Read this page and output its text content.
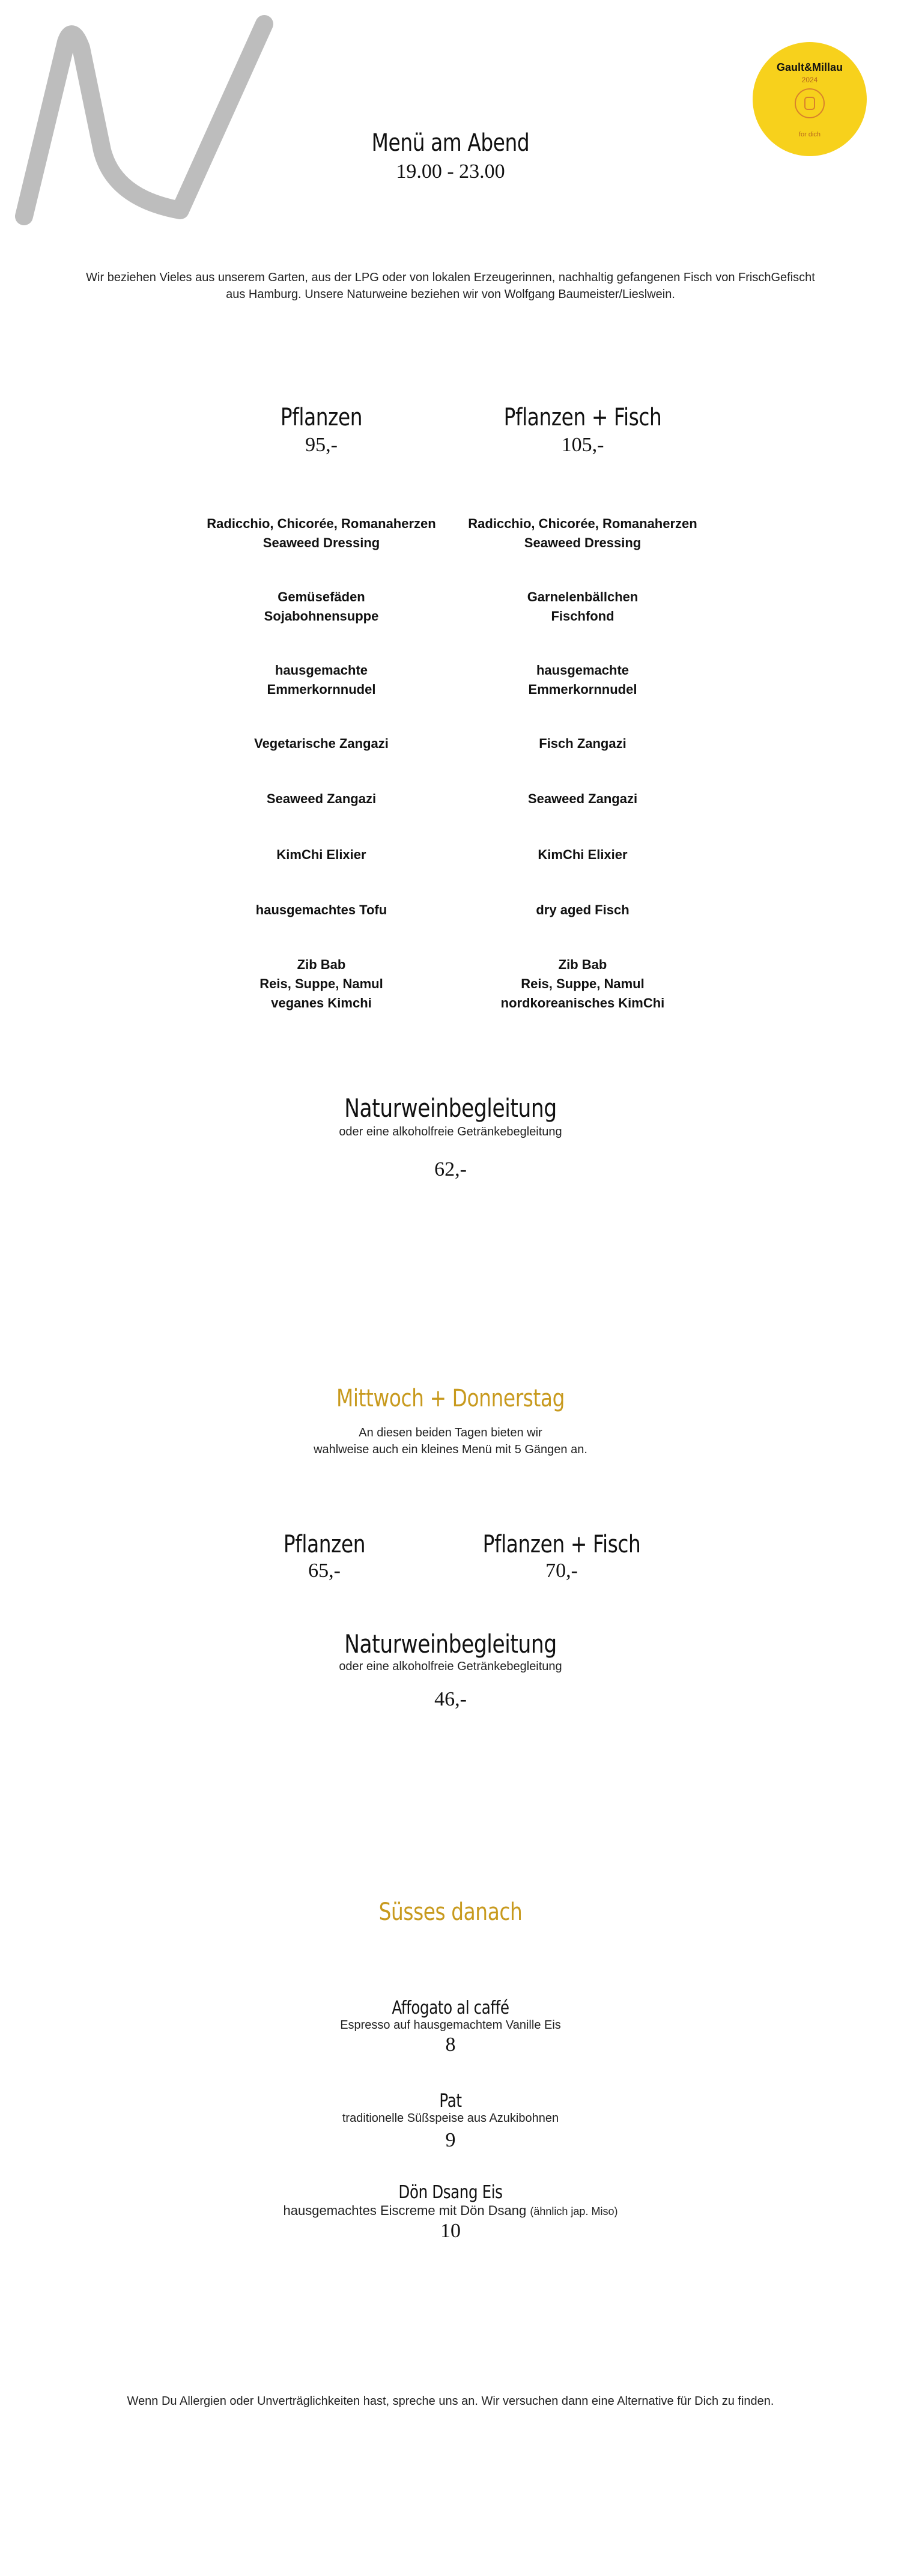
Gault&Millau
2024
for dich
Menü am Abend
19.00 - 23.00
Wir beziehen Vieles aus unserem Garten, aus der LPG oder von lokalen Erzeugerinnen, nachhaltig gefangenen Fisch von FrischGefischt
aus Hamburg. Unsere Naturweine beziehen wir von Wolfgang Baumeister/Lieslwein.
Pflanzen
95,-
Pflanzen + Fisch
105,-
Radicchio, Chicorée, Romanaherzen
Seaweed Dressing
Gemüsefäden
Sojabohnensuppe
hausgemachte
Emmerkornnudel
Vegetarische Zangazi
Seaweed Zangazi
KimChi Elixier
hausgemachtes Tofu
Zib Bab
Reis, Suppe, Namul
veganes Kimchi
Radicchio, Chicorée, Romanaherzen
Seaweed Dressing
Garnelenbällchen
Fischfond
hausgemachte
Emmerkornnudel
Fisch Zangazi
Seaweed Zangazi
KimChi Elixier
dry aged Fisch
Zib Bab
Reis, Suppe, Namul
nordkoreanisches KimChi
Naturweinbegleitung
oder eine alkoholfreie Getränkebegleitung
62,-
Mittwoch + Donnerstag
An diesen beiden Tagen bieten wir
wahlweise auch ein kleines Menü mit 5 Gängen an.
Pflanzen
65,-
Pflanzen + Fisch
70,-
Naturweinbegleitung
oder eine alkoholfreie Getränkebegleitung
46,-
Süsses danach
Affogato al caffé
Espresso auf hausgemachtem Vanille Eis
8
Pat
traditionelle Süßspeise aus Azukibohnen
9
Dön Dsang Eis
hausgemachtes Eiscreme mit Dön Dsang (ähnlich jap. Miso)
10
Wenn Du Allergien oder Unverträglichkeiten hast, spreche uns an. Wir versuchen dann eine Alternative für Dich zu finden.
